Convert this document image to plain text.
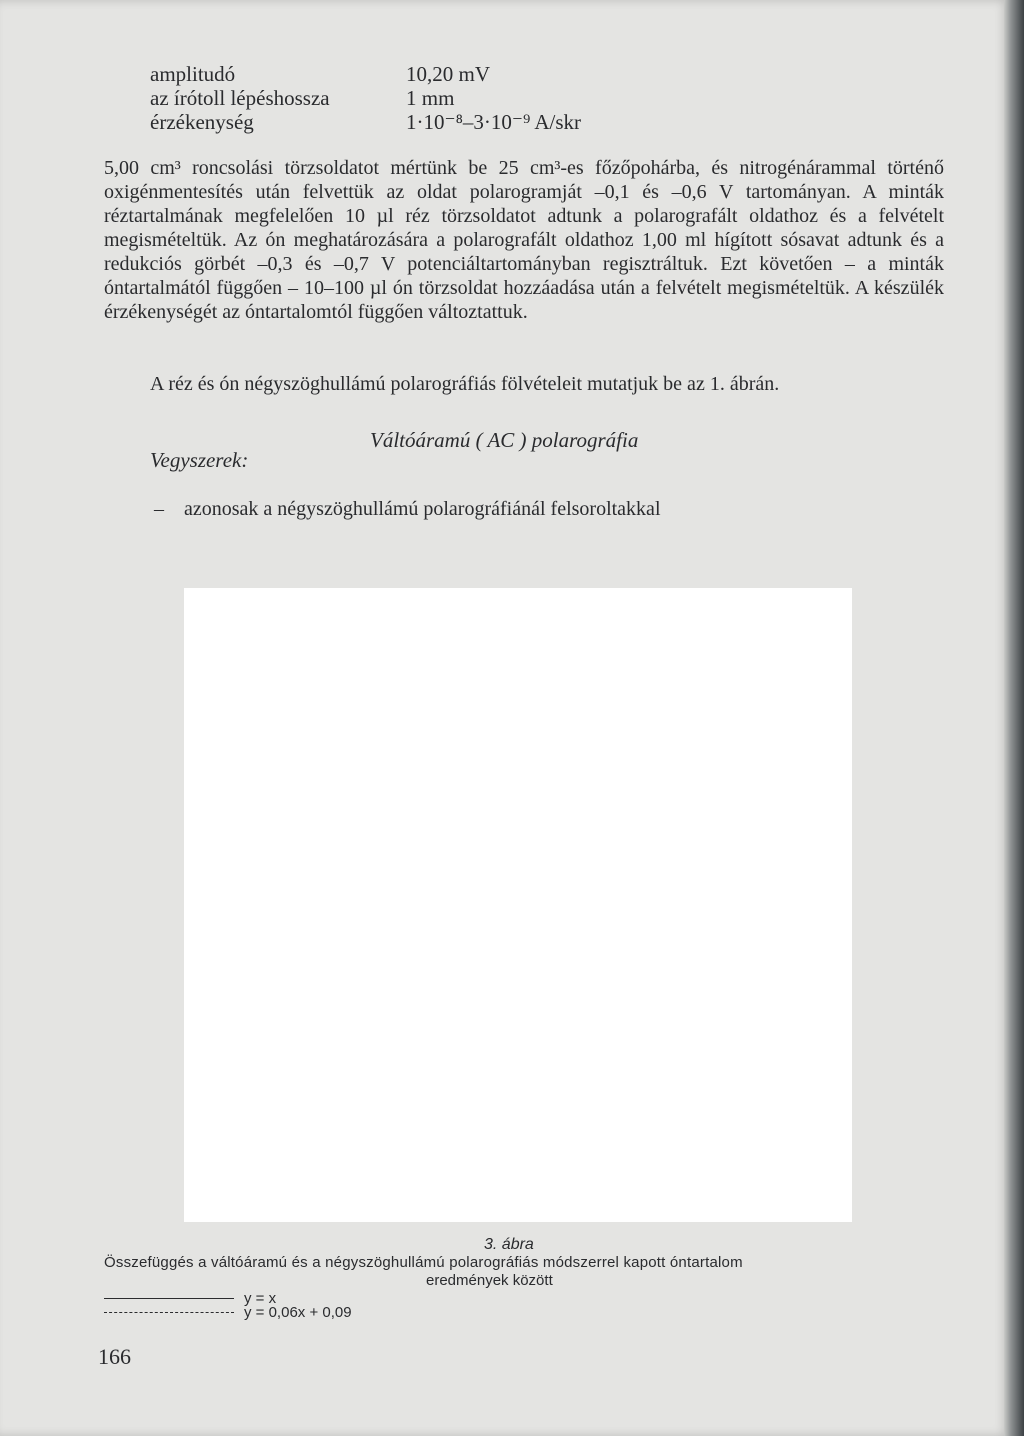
amplitudó	10,20 mV
az írótoll lépéshossza	1 mm
érzékenység	1·10⁻⁸–3·10⁻⁹ A/skr

5,00 cm³ roncsolási törzsoldatot mértünk be 25 cm³-es főzőpohárba, és nitrogénárammal történő oxigénmentesítés után felvettük az oldat polarogramját –0,1 és –0,6 V tartományan. A minták réztartalmának megfelelően 10 µl réz törzsoldatot adtunk a polarografált oldathoz és a felvételt megismételtük. Az ón meghatározására a polarografált oldathoz 1,00 ml hígított sósavat adtunk és a redukciós görbét –0,3 és –0,7 V potenciáltartományban regisztráltuk. Ezt követően – a minták óntartalmától függően – 10–100 µl ón törzsoldat hozzáadása után a felvételt megismételtük. A készülék érzékenységét az óntartalomtól függően változtattuk.

A réz és ón négyszöghullámú polarográfiás fölvételeit mutatjuk be az 1. ábrán.
Váltóáramú ( AC ) polarográfia
Vegyszerek:
– azonosak a négyszöghullámú polarográfiánál felsoroltakkal
3. ábra
Összefüggés a váltóáramú és a négyszöghullámú polarográfiás módszerrel kapott óntartalom
eredmények között
y = x
y = 0,06x + 0,09
166
